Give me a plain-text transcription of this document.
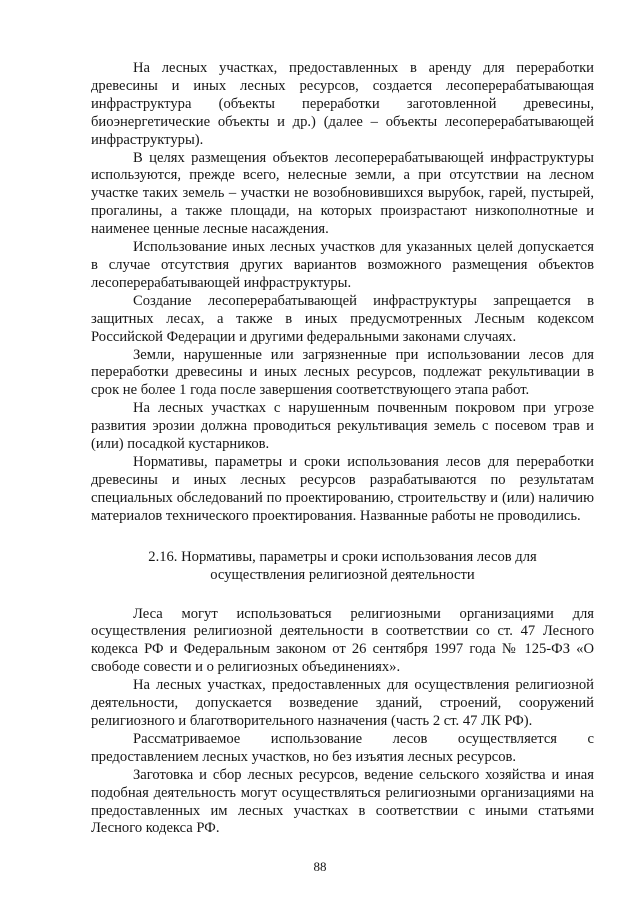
На лесных участках, предоставленных в аренду для переработки древесины и иных лесных ресурсов, создается лесоперерабатывающая инфраструктура (объекты переработки заготовленной древесины, биоэнергетические объекты и др.) (далее – объекты лесоперерабатывающей инфраструктуры).

В целях размещения объектов лесоперерабатывающей инфраструктуры используются, прежде всего, нелесные земли, а при отсутствии на лесном участке таких земель – участки не возобновившихся вырубок, гарей, пустырей, прогалины, а также площади, на которых произрастают низкополнотные и наименее ценные лесные насаждения.

Использование иных лесных участков для указанных целей допускается в случае отсутствия других вариантов возможного размещения объектов лесоперерабатывающей инфраструктуры.

Создание лесоперерабатывающей инфраструктуры запрещается в защитных лесах, а также в иных предусмотренных Лесным кодексом Российской Федерации и другими федеральными законами случаях.

Земли, нарушенные или загрязненные при использовании лесов для переработки древесины и иных лесных ресурсов, подлежат рекультивации в срок не более 1 года после завершения соответствующего этапа работ.

На лесных участках с нарушенным почвенным покровом при угрозе развития эрозии должна проводиться рекультивация земель с посевом трав и (или) посадкой кустарников.

Нормативы, параметры и сроки использования лесов для переработки древесины и иных лесных ресурсов разрабатываются по результатам специальных обследований по проектированию, строительству и (или) наличию материалов технического проектирования. Названные работы не проводились.

2.16. Нормативы, параметры и сроки использования лесов для
осуществления религиозной деятельности

Леса могут использоваться религиозными организациями для осуществления религиозной деятельности в соответствии со ст. 47 Лесного кодекса РФ и Федеральным законом от 26 сентября 1997 года № 125-ФЗ «О свободе совести и о религиозных объединениях».

На лесных участках, предоставленных для осуществления религиозной деятельности, допускается возведение зданий, строений, сооружений религиозного и благотворительного назначения (часть 2 ст. 47 ЛК РФ).

Рассматриваемое использование лесов осуществляется с предоставлением лесных участков, но без изъятия лесных ресурсов.

Заготовка и сбор лесных ресурсов, ведение сельского хозяйства и иная подобная деятельность могут осуществляться религиозными организациями на предоставленных им лесных участках в соответствии с иными статьями Лесного кодекса РФ.

88
